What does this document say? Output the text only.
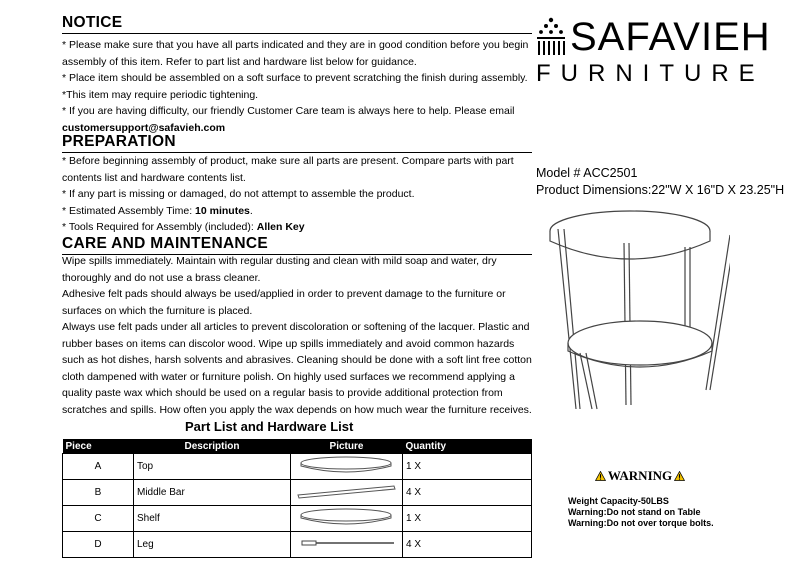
NOTICE
* Please make sure that you have all parts indicated and they are in good condition before you begin assembly of this item. Refer to part list and hardware list below for guidance.
* Place item should be assembled on a soft surface to prevent scratching the finish during assembly.
*This item may require periodic tightening.
* If you are having difficulty, our friendly Customer Care team is always here to help. Please email
customersupport@safavieh.com
PREPARATION
* Before beginning assembly of product, make sure all parts are present. Compare parts with part contents list and hardware contents list.
* If any part is missing or damaged, do not attempt to assemble the product.
* Estimated Assembly Time: 10 minutes.
* Tools Required for Assembly (included): Allen Key
CARE AND MAINTENANCE
Wipe spills immediately. Maintain with regular dusting and clean with mild soap and water, dry thoroughly and do not use a brass cleaner.
Adhesive felt pads should always be used/applied in order to prevent damage to the furniture or surfaces on which the furniture is placed.
Always use felt pads under all articles to prevent discoloration or softening of the lacquer. Plastic and rubber bases on items can discolor wood. Wipe up spills immediately and avoid common hazards such as hot dishes, harsh solvents and abrasives. Cleaning should be done with a soft lint free cotton cloth dampened with water or furniture polish. On highly used surfaces we recommend applying a quality paste wax which should be used on a regular basis to provide additional protection from scratches and spills. How often you apply the wax depends on how much wear the furniture receives.
SAFAVIEH
FURNITURE
Model # ACC2501
Product Dimensions:22"W X 16"D X 23.25"H
Part List and Hardware List
Piece	Description	Picture	Quantity
A	Top		1 X
B	Middle Bar		4 X
C	Shelf		1 X
D	Leg		4 X
WARNING
Weight Capacity-50LBS
Warning:Do not stand on Table
Warning:Do not over torque bolts.
